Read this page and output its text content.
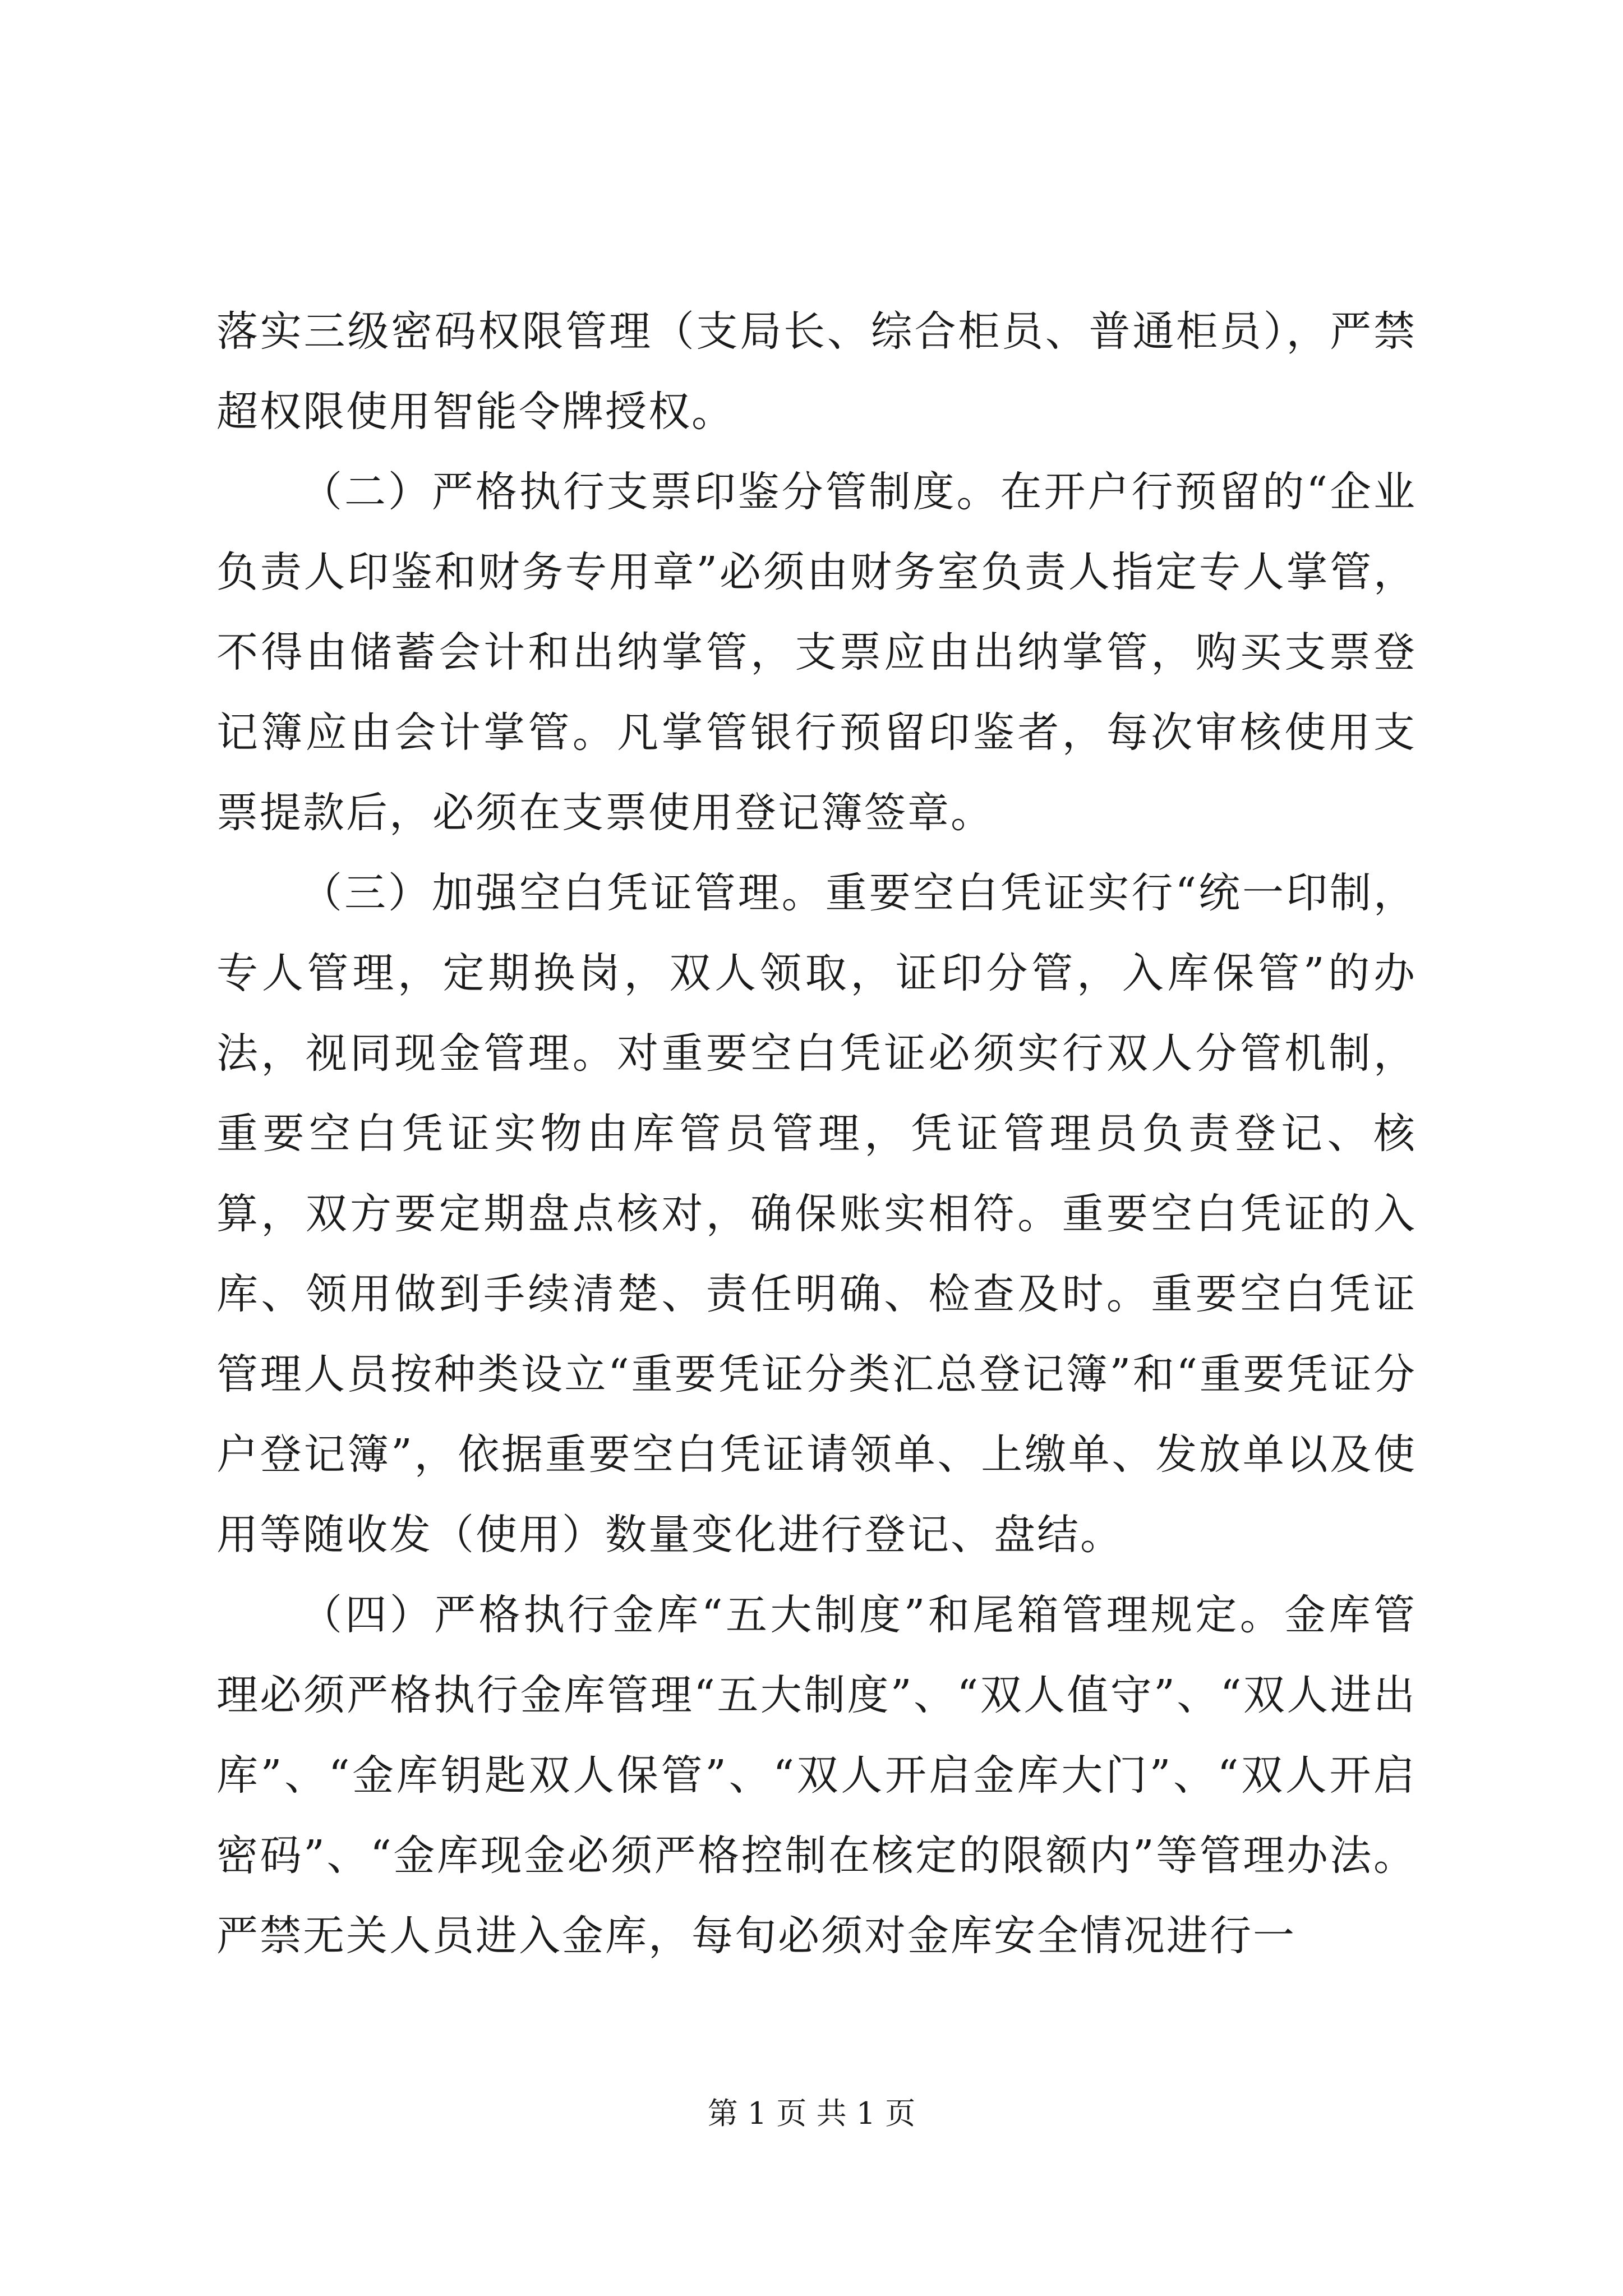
落实三级密码权限管理（支局长、综合柜员、普通柜员），严禁超权限使用智能令牌授权。

（二）严格执行支票印鉴分管制度。在开户行预留的“企业负责人印鉴和财务专用章”必须由财务室负责人指定专人掌管，不得由储蓄会计和出纳掌管，支票应由出纳掌管，购买支票登记簿应由会计掌管。凡掌管银行预留印鉴者，每次审核使用支票提款后，必须在支票使用登记簿签章。

（三）加强空白凭证管理。重要空白凭证实行“统一印制，专人管理，定期换岗，双人领取，证印分管，入库保管”的办法，视同现金管理。对重要空白凭证必须实行双人分管机制，重要空白凭证实物由库管员管理，凭证管理员负责登记、核算，双方要定期盘点核对，确保账实相符。重要空白凭证的入库、领用做到手续清楚、责任明确、检查及时。重要空白凭证管理人员按种类设立“重要凭证分类汇总登记簿”和“重要凭证分户登记簿”，依据重要空白凭证请领单、上缴单、发放单以及使用等随收发（使用）数量变化进行登记、盘结。

（四）严格执行金库“五大制度”和尾箱管理规定。金库管理必须严格执行金库管理“五大制度”、“双人值守”、“双人进出库”、“金库钥匙双人保管”、“双人开启金库大门”、“双人开启密码”、“金库现金必须严格控制在核定的限额内”等管理办法。严禁无关人员进入金库，每旬必须对金库安全情况进行一

第 1 页 共 1 页
